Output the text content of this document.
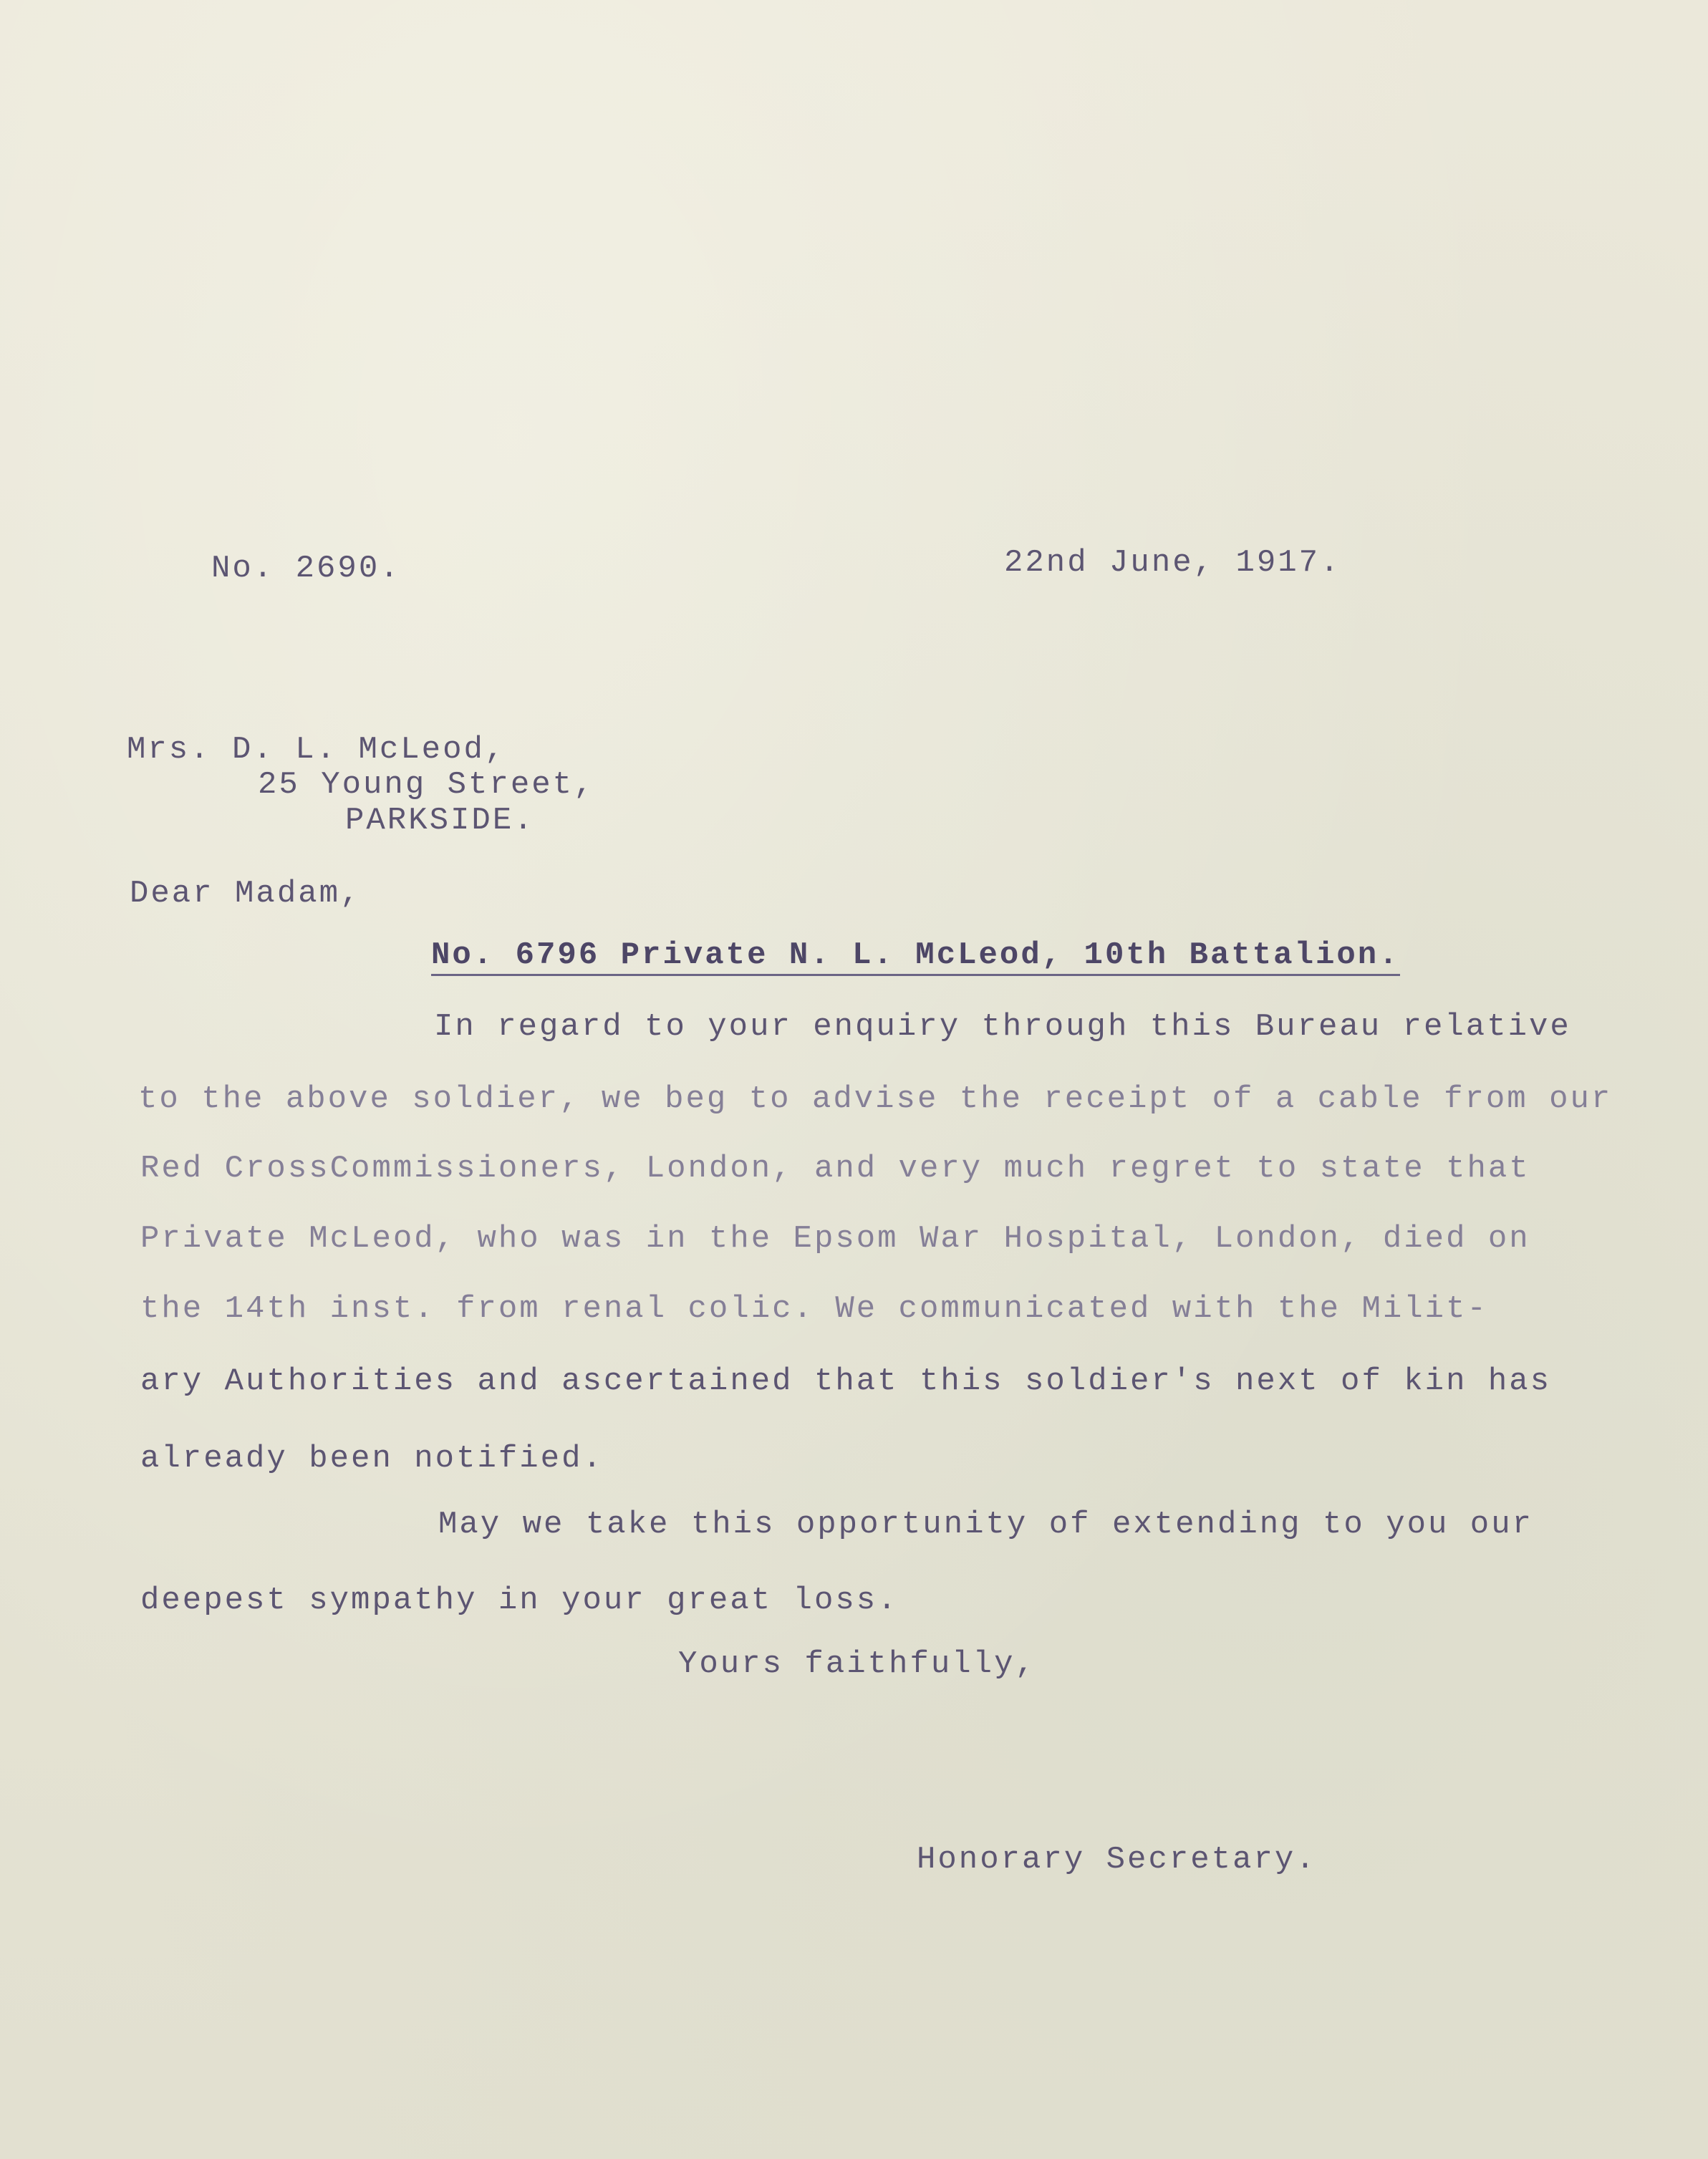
No. 2690.	22nd June, 1917.
Mrs. D. L. McLeod,
25 Young Street,
PARKSIDE.
Dear Madam,
No. 6796 Private N. L. McLeod, 10th Battalion.
In regard to your enquiry through this Bureau relative
to the above soldier, we beg to advise the receipt of a cable from our
Red CrossCommissioners, London, and very much regret to state that
Private McLeod, who was in the Epsom War Hospital, London, died on
the 14th inst. from renal colic. We communicated with the Milit-
ary Authorities and ascertained that this soldier's next of kin has
already been notified.
May we take this opportunity of extending to you our
deepest sympathy in your great loss.
Yours faithfully,
Honorary Secretary.
